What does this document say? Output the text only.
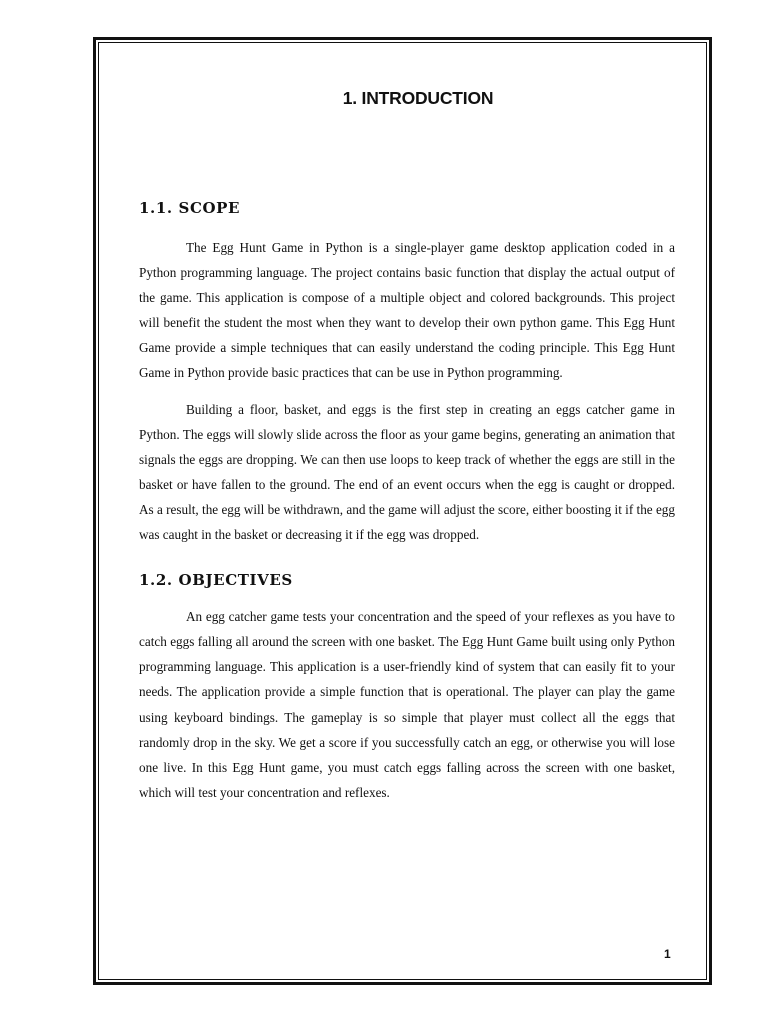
1. INTRODUCTION
1.1. SCOPE

The Egg Hunt Game in Python is a single-player game desktop application coded in a Python programming language. The project contains basic function that display the actual output of the game. This application is compose of a multiple object and colored backgrounds. This project will benefit the student the most when they want to develop their own python game. This Egg Hunt Game provide a simple techniques that can easily understand the coding principle. This Egg Hunt Game in Python provide basic practices that can be use in Python programming.

Building a floor, basket, and eggs is the first step in creating an eggs catcher game in Python. The eggs will slowly slide across the floor as your game begins, generating an animation that signals the eggs are dropping. We can then use loops to keep track of whether the eggs are still in the basket or have fallen to the ground. The end of an event occurs when the egg is caught or dropped. As a result, the egg will be withdrawn, and the game will adjust the score, either boosting it if the egg was caught in the basket or decreasing it if the egg was dropped.

1.2. OBJECTIVES

An egg catcher game tests your concentration and the speed of your reflexes as you have to catch eggs falling all around the screen with one basket. The Egg Hunt Game built using only Python programming language. This application is a user-friendly kind of system that can easily fit to your needs. The application provide a simple function that is operational. The player can play the game using keyboard bindings. The gameplay is so simple that player must collect all the eggs that randomly drop in the sky. We get a score if you successfully catch an egg, or otherwise you will lose one live. In this Egg Hunt game, you must catch eggs falling across the screen with one basket, which will test your concentration and reflexes.

1
